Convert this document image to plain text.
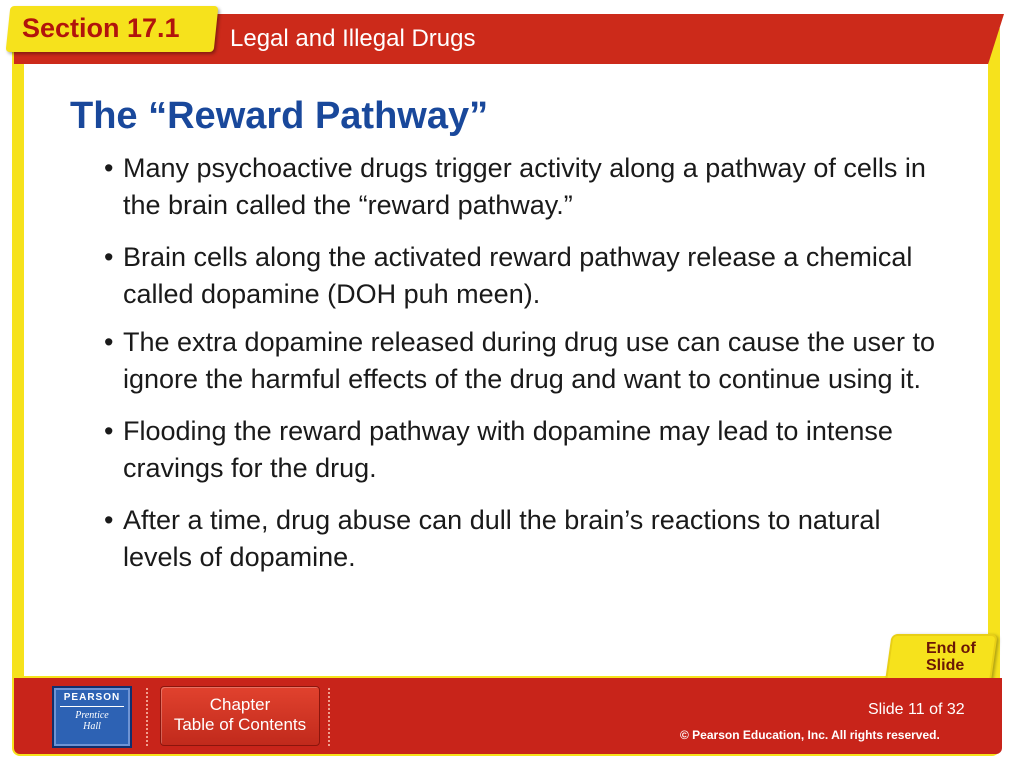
Legal and Illegal Drugs
Section 17.1
The “Reward Pathway”
• Many psychoactive drugs trigger activity along a pathway of cells in the brain called the “reward pathway.”
• Brain cells along the activated reward pathway release a chemical called dopamine (DOH puh meen).
• The extra dopamine released during drug use can cause the user to ignore the harmful effects of the drug and want to continue using it.
• Flooding the reward pathway with dopamine may lead to intense cravings for the drug.
• After a time, drug abuse can dull the brain’s reactions to natural levels of dopamine.
End of
Slide
PEARSON
Prentice
Hall
Chapter
Table of Contents
Slide 11 of 32
© Pearson Education, Inc. All rights reserved.
